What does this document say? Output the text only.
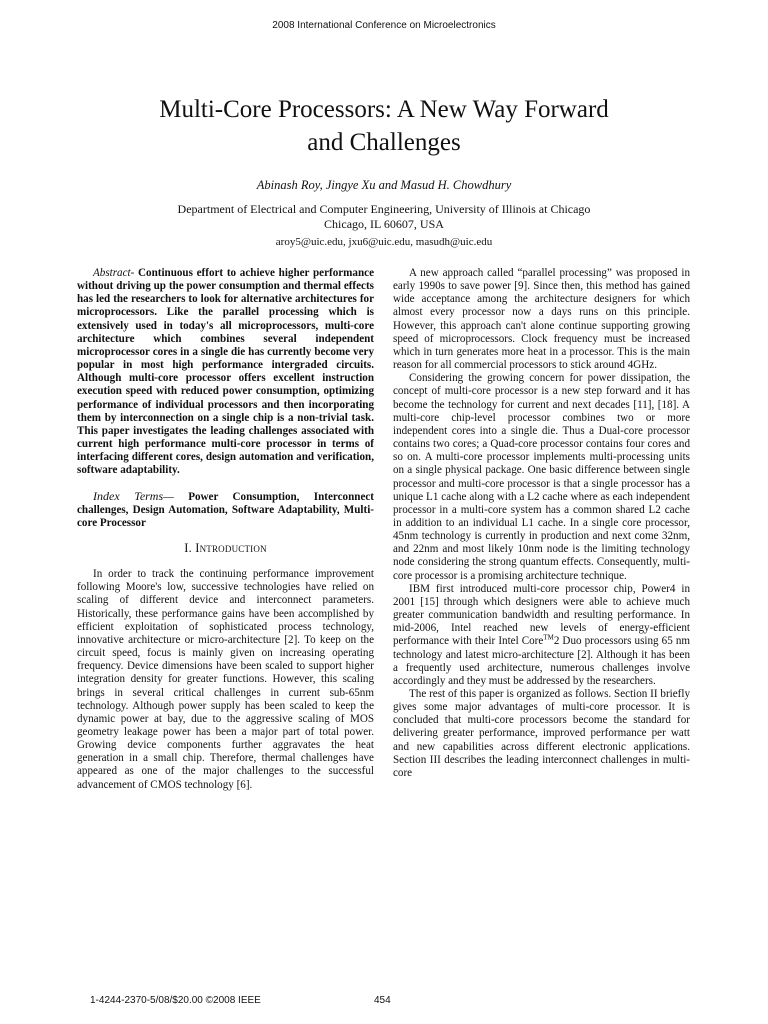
2008 International Conference on Microelectronics
Multi-Core Processors: A New Way Forward
and Challenges
Abinash Roy, Jingye Xu and Masud H. Chowdhury
Department of Electrical and Computer Engineering, University of Illinois at Chicago
Chicago, IL 60607, USA
aroy5@uic.edu, jxu6@uic.edu, masudh@uic.edu

Abstract- Continuous effort to achieve higher performance without driving up the power consumption and thermal effects has led the researchers to look for alternative architectures for microprocessors. Like the parallel processing which is extensively used in today's all microprocessors, multi-core architecture which combines several independent microprocessor cores in a single die has currently become very popular in most high performance intergraded circuits. Although multi-core processor offers excellent instruction execution speed with reduced power consumption, optimizing performance of individual processors and then incorporating them by interconnection on a single chip is a non-trivial task. This paper investigates the leading challenges associated with current high performance multi-core processor in terms of interfacing different cores, design automation and verification, software adaptability.

Index Terms— Power Consumption, Interconnect challenges, Design Automation, Software Adaptability, Multi-core Processor

I. Introduction

In order to track the continuing performance improvement following Moore's low, successive technologies have relied on scaling of different device and interconnect parameters. Historically, these performance gains have been accomplished by efficient exploitation of sophisticated process technology, innovative architecture or micro-architecture [2]. To keep on the circuit speed, focus is mainly given on increasing operating frequency. Device dimensions have been scaled to support higher integration density for greater functions. However, this scaling brings in several critical challenges in current sub-65nm technology. Although power supply has been scaled to keep the dynamic power at bay, due to the aggressive scaling of MOS geometry leakage power has been a major part of total power. Growing device components further aggravates the heat generation in a small chip. Therefore, thermal challenges have appeared as one of the major challenges to the successful advancement of CMOS technology [6].

A new approach called “parallel processing” was proposed in early 1990s to save power [9]. Since then, this method has gained wide acceptance among the architecture designers for which almost every processor now a days runs on this principle. However, this approach can't alone continue supporting growing speed of microprocessors. Clock frequency must be increased which in turn generates more heat in a processor. This is the main reason for all commercial processors to stick around 4GHz.

Considering the growing concern for power dissipation, the concept of multi-core processor is a new step forward and it has become the technology for current and next decades [11], [18]. A multi-core chip-level processor combines two or more independent cores into a single die. Thus a Dual-core processor contains two cores; a Quad-core processor contains four cores and so on. A multi-core processor implements multi-processing units on a single physical package. One basic difference between single processor and multi-core processor is that a single processor has a unique L1 cache along with a L2 cache where as each independent processor in a multi-core system has a common shared L2 cache in addition to an individual L1 cache. In a single core processor, 45nm technology is currently in production and next come 32nm, and 22nm and most likely 10nm node is the limiting technology node considering the strong quantum effects. Consequently, multi-core processor is a promising architecture technique.

IBM first introduced multi-core processor chip, Power4 in 2001 [15] through which designers were able to achieve much greater communication bandwidth and resulting performance. In mid-2006, Intel reached new levels of energy-efficient performance with their Intel Core™2 Duo processors using 65 nm technology and latest micro-architecture [2]. Although it has been a frequently used architecture, numerous challenges involve accordingly and they must be addressed by the researchers.

The rest of this paper is organized as follows. Section II briefly gives some major advantages of multi-core processor. It is concluded that multi-core processors become the standard for delivering greater performance, improved performance per watt and new capabilities across different electronic applications. Section III describes the leading interconnect challenges in multi-core

1-4244-2370-5/08/$20.00 ©2008 IEEE	454
